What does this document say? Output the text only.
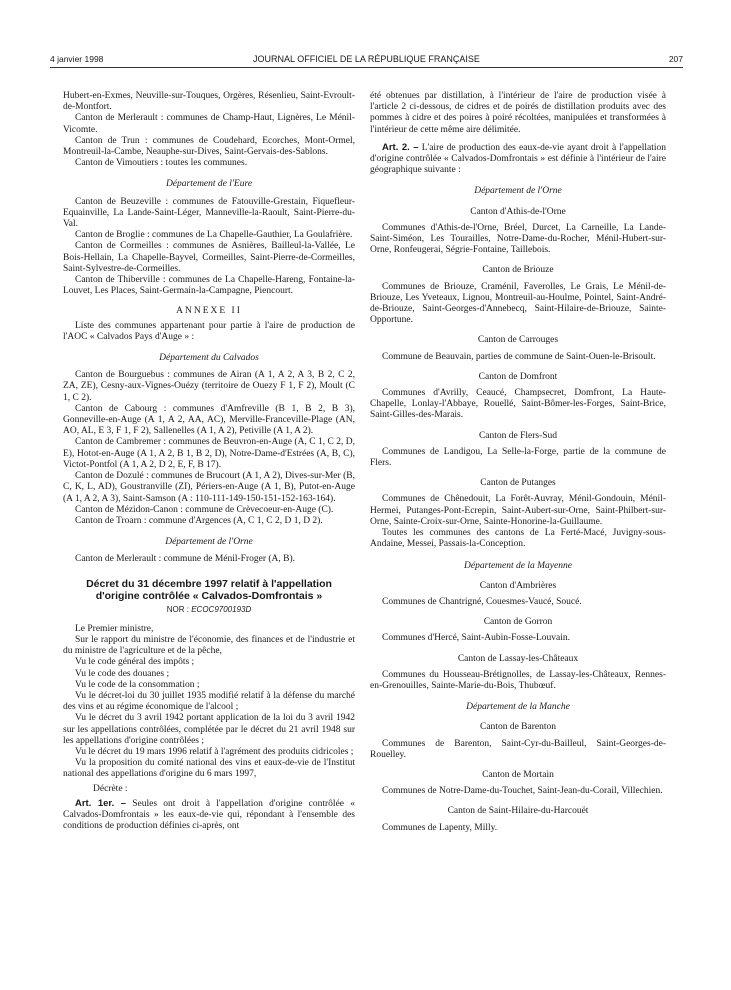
4 janvier 1998	JOURNAL OFFICIEL DE LA RÉPUBLIQUE FRANÇAISE	207

Hubert-en-Exmes, Neuville-sur-Touques, Orgères, Résenlieu, Saint-Evroult-de-Montfort.

Canton de Merlerault : communes de Champ-Haut, Lignères, Le Ménil-Vicomte.

Canton de Trun : communes de Coudehard, Ecorches, Mont-Ormel, Montreuil-la-Cambe, Neauphe-sur-Dives, Saint-Gervais-des-Sablons.

Canton de Vimoutiers : toutes les communes.

Département de l'Eure

Canton de Beuzeville : communes de Fatouville-Grestain, Fiquefleur-Equainville, La Lande-Saint-Léger, Manneville-la-Raoult, Saint-Pierre-du-Val.

Canton de Broglie : communes de La Chapelle-Gauthier, La Goulafrière.

Canton de Cormeilles : communes de Asnières, Bailleul-la-Vallée, Le Bois-Hellain, La Chapelle-Bayvel, Cormeilles, Saint-Pierre-de-Cormeilles, Saint-Sylvestre-de-Cormeilles.

Canton de Thiberville : communes de La Chapelle-Hareng, Fontaine-la-Louvet, Les Places, Saint-Germain-la-Campagne, Piencourt.

ANNEXE II

Liste des communes appartenant pour partie à l'aire de production de l'AOC « Calvados Pays d'Auge » :

Département du Calvados

Canton de Bourguebus : communes de Airan (A 1, A 2, A 3, B 2, C 2, ZA, ZE), Cesny-aux-Vignes-Ouézy (territoire de Ouezy F 1, F 2), Moult (C 1, C 2).

Canton de Cabourg : communes d'Amfreville (B 1, B 2, B 3), Gonneville-en-Auge (A 1, A 2, AA, AC), Merville-Franceville-Plage (AN, AO, AL, E 3, F 1, F 2), Sallenelles (A 1, A 2), Petiville (A 1, A 2).

Canton de Cambremer : communes de Beuvron-en-Auge (A, C 1, C 2, D, E), Hotot-en-Auge (A 1, A 2, B 1, B 2, D), Notre-Dame-d'Estrées (A, B, C), Victot-Pontfol (A 1, A 2, D 2, E, F, B 17).

Canton de Dozulé : communes de Brucourt (A 1, A 2), Dives-sur-Mer (B, C, K, L, AD), Goustranville (ZI), Périers-en-Auge (A 1, B), Putot-en-Auge (A 1, A 2, A 3), Saint-Samson (A : 110-111-149-150-151-152-163-164).

Canton de Mézidon-Canon : commune de Crèvecoeur-en-Auge (C).

Canton de Troarn : commune d'Argences (A, C 1, C 2, D 1, D 2).

Département de l'Orne

Canton de Merlerault : commune de Ménil-Froger (A, B).

Décret du 31 décembre 1997 relatif à l'appellation d'origine contrôlée « Calvados-Domfrontais »
NOR : ECOC9700193D

Le Premier ministre,

Sur le rapport du ministre de l'économie, des finances et de l'industrie et du ministre de l'agriculture et de la pêche,

Vu le code général des impôts ;

Vu le code des douanes ;

Vu le code de la consommation ;

Vu le décret-loi du 30 juillet 1935 modifié relatif à la défense du marché des vins et au régime économique de l'alcool ;

Vu le décret du 3 avril 1942 portant application de la loi du 3 avril 1942 sur les appellations contrôlées, complétée par le décret du 21 avril 1948 sur les appellations d'origine contrôlées ;

Vu le décret du 19 mars 1996 relatif à l'agrément des produits cidricoles ;

Vu la proposition du comité national des vins et eaux-de-vie de l'Institut national des appellations d'origine du 6 mars 1997,

Décrète :

Art. 1er. – Seules ont droit à l'appellation d'origine contrôlée « Calvados-Domfrontais » les eaux-de-vie qui, répondant à l'ensemble des conditions de production définies ci-après, ont

été obtenues par distillation, à l'intérieur de l'aire de production visée à l'article 2 ci-dessous, de cidres et de poirés de distillation produits avec des pommes à cidre et des poires à poiré récoltées, manipulées et transformées à l'intérieur de cette même aire délimitée.

Art. 2. – L'aire de production des eaux-de-vie ayant droit à l'appellation d'origine contrôlée « Calvados-Domfrontais » est définie à l'intérieur de l'aire géographique suivante :

Département de l'Orne
Canton d'Athis-de-l'Orne

Communes d'Athis-de-l'Orne, Bréel, Durcet, La Carneille, La Lande-Saint-Siméon, Les Tourailles, Notre-Dame-du-Rocher, Ménil-Hubert-sur-Orne, Ronfeugerai, Ségrie-Fontaine, Taillebois.

Canton de Briouze

Communes de Briouze, Craménil, Faverolles, Le Grais, Le Ménil-de-Briouze, Les Yveteaux, Lignou, Montreuil-au-Houlme, Pointel, Saint-André-de-Briouze, Saint-Georges-d'Annebecq, Saint-Hilaire-de-Briouze, Sainte-Opportune.

Canton de Carrouges

Commune de Beauvain, parties de commune de Saint-Ouen-le-Brisoult.

Canton de Domfront

Communes d'Avrilly, Ceaucé, Champsecret, Domfront, La Haute-Chapelle, Lonlay-l'Abbaye, Rouellé, Saint-Bômer-les-Forges, Saint-Brice, Saint-Gilles-des-Marais.

Canton de Flers-Sud

Communes de Landigou, La Selle-la-Forge, partie de la commune de Flers.

Canton de Putanges

Communes de Chênedouit, La Forêt-Auvray, Ménil-Gondouin, Ménil-Hermei, Putanges-Pont-Ecrepin, Saint-Aubert-sur-Orne, Saint-Philbert-sur-Orne, Sainte-Croix-sur-Orne, Sainte-Honorine-la-Guillaume.

Toutes les communes des cantons de La Ferté-Macé, Juvigny-sous-Andaine, Messei, Passais-la-Conception.

Département de la Mayenne
Canton d'Ambrières

Communes de Chantrigné, Couesmes-Vaucé, Soucé.

Canton de Gorron

Communes d'Hercé, Saint-Aubin-Fosse-Louvain.

Canton de Lassay-les-Châteaux

Communes du Housseau-Brétignolles, de Lassay-les-Châteaux, Rennes-en-Grenouilles, Sainte-Marie-du-Bois, Thubœuf.

Département de la Manche
Canton de Barenton

Communes de Barenton, Saint-Cyr-du-Bailleul, Saint-Georges-de-Rouelley.

Canton de Mortain

Communes de Notre-Dame-du-Touchet, Saint-Jean-du-Corail, Villechien.

Canton de Saint-Hilaire-du-Harcouët

Communes de Lapenty, Milly.
